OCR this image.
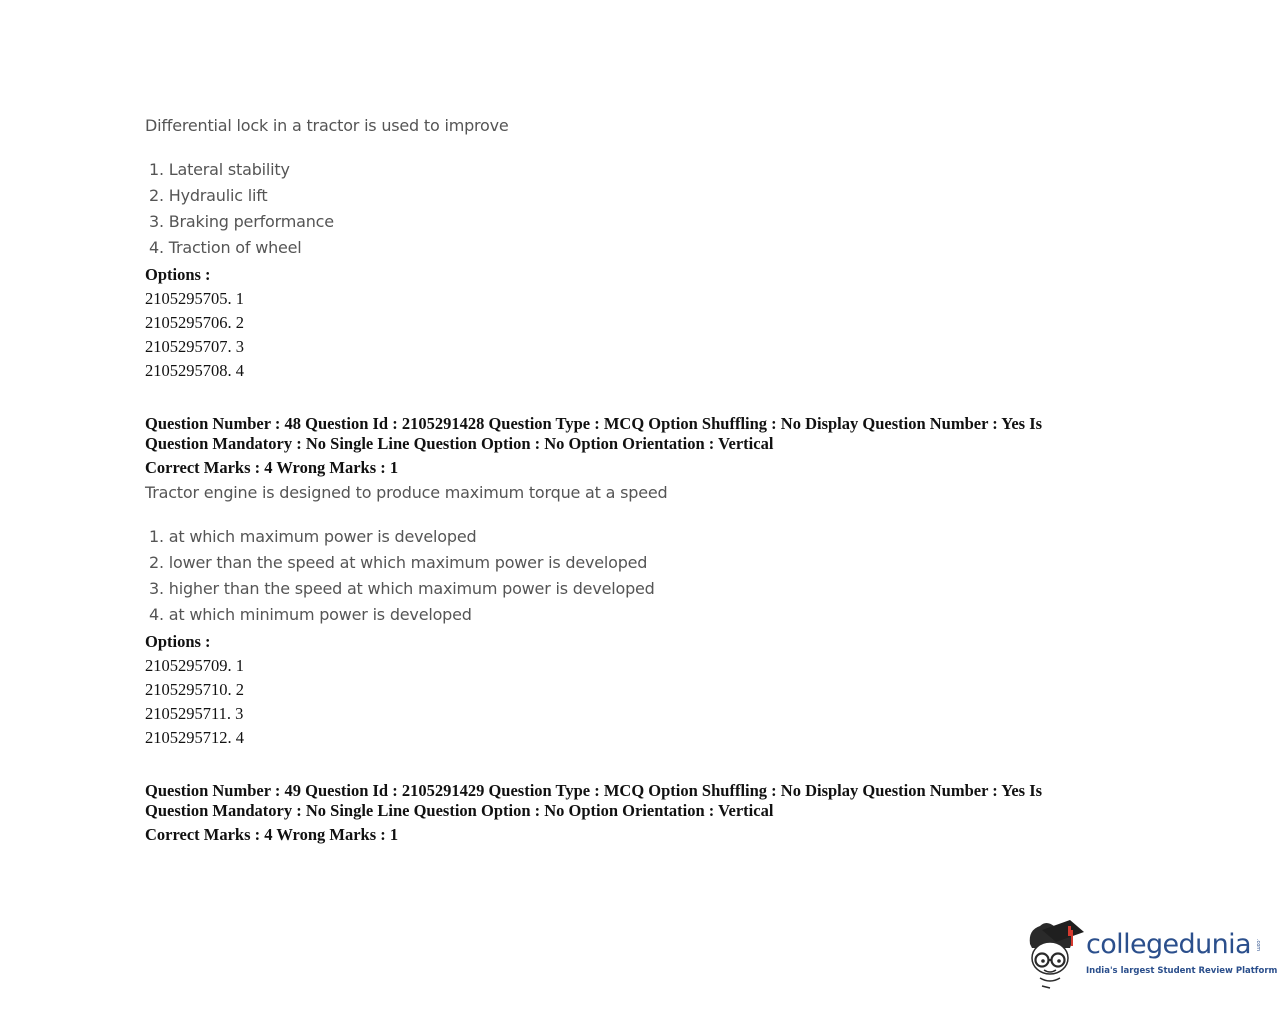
Differential lock in a tractor is used to improve
1. Lateral stability
2. Hydraulic lift
3. Braking performance
4. Traction of wheel
Options :
2105295705. 1
2105295706. 2
2105295707. 3
2105295708. 4
Question Number : 48 Question Id : 2105291428 Question Type : MCQ Option Shuffling : No Display Question Number : Yes Is Question Mandatory : No Single Line Question Option : No Option Orientation : Vertical
Correct Marks : 4 Wrong Marks : 1
Tractor engine is designed to produce maximum torque at a speed
1. at which maximum power is developed
2. lower than the speed at which maximum power is developed
3. higher than the speed at which maximum power is developed
4. at which minimum power is developed
Options :
2105295709. 1
2105295710. 2
2105295711. 3
2105295712. 4
Question Number : 49 Question Id : 2105291429 Question Type : MCQ Option Shuffling : No Display Question Number : Yes Is Question Mandatory : No Single Line Question Option : No Option Orientation : Vertical
Correct Marks : 4 Wrong Marks : 1
collegedunia .com
India's largest Student Review Platform
